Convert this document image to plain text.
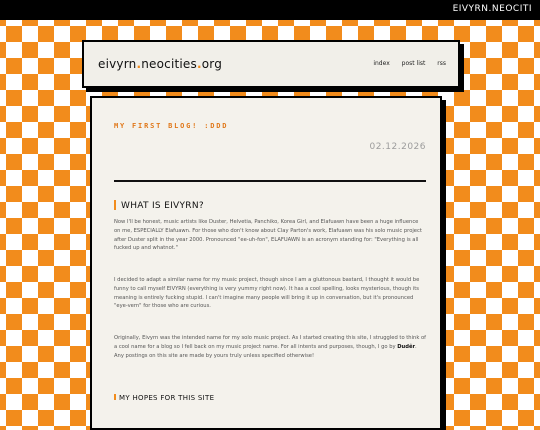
EIVYRN.NEOCITI
eivyrn.neocities.org	index post list rss
MY FIRST BLOG! :DDD
02.12.2026
WHAT IS EIVYRN?

Now I'll be honest, music artists like Duster, Helvetia, Panchiko, Korea Girl, and Elafuawn have been a huge influence on me, ESPECIALLY Elafuawn. For those who don't know about Clay Parton's work, Elafuawn was his solo music project after Duster split in the year 2000. Pronounced "ee-uh-fon", ELAFUAWN is an acronym standing for: "Everything is all fucked up and whatnot."

I decided to adapt a similar name for my music project, though since I am a gluttonous bastard, I thought it would be funny to call myself EIVYRN (everything is very yummy right now). It has a cool spelling, looks mysterious, though its meaning is entirely fucking stupid. I can't imagine many people will bring it up in conversation, but it's pronounced "eye-vern" for those who are curious.

Originally, Eivyrn was the intended name for my solo music project. As I started creating this site, I struggled to think of a cool name for a blog so I fell back on my music project name. For all intents and purposes, though, I go by Dudêr. Any postings on this site are made by yours truly unless specified otherwise!

MY HOPES FOR THIS SITE
